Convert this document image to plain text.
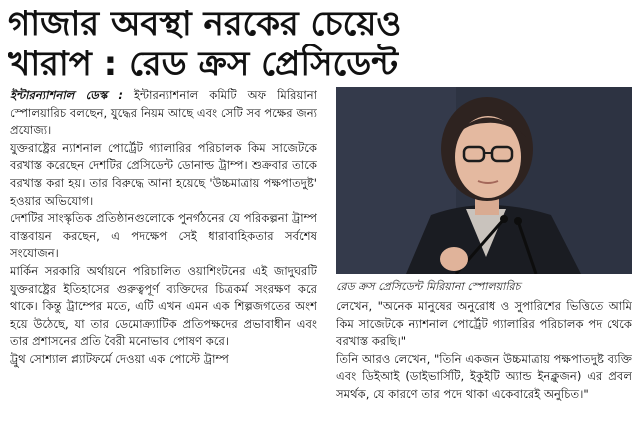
গাজার অবস্থা নরকের চেয়েও
খারাপ : রেড ক্রস প্রেসিডেন্ট

ইন্টারন্যাশনাল ডেস্ক : ইন্টারন্যাশনাল কমিটি অফ মিরিয়ানা স্পোলয়ারিচ বলছেন, যুদ্ধের নিয়ম আছে এবং সেটি সব পক্ষের জন্য প্রযোজ্য।

যুক্তরাষ্ট্রের ন্যাশনাল পোর্ট্রেট গ্যালারির পরিচালক কিম সাজেটকে বরখাস্ত করেছেন দেশটির প্রেসিডেন্ট ডোনাল্ড ট্রাম্প। শুক্রবার তাকে বরখাস্ত করা হয়। তার বিরুদ্ধে আনা হয়েছে 'উচ্চমাত্রায় পক্ষপাতদুষ্ট' হওয়ার অভিযোগ।

দেশটির সাংস্কৃতিক প্রতিষ্ঠানগুলোকে পুনর্গঠনের যে পরিকল্পনা ট্রাম্প বাস্তবায়ন করছেন, এ পদক্ষেপ সেই ধারাবাহিকতার সর্বশেষ সংযোজন।

মার্কিন সরকারি অর্থায়নে পরিচালিত ওয়াশিংটনের এই জাদুঘরটি যুক্তরাষ্ট্রের ইতিহাসের গুরুত্বপূর্ণ ব্যক্তিদের চিত্রকর্ম সংরক্ষণ করে থাকে। কিন্তু ট্রাম্পের মতে, এটি এখন এমন এক শিল্পজগতের অংশ হয়ে উঠেছে, যা তার ডেমোক্র্যাটিক প্রতিপক্ষদের প্রভাবাধীন এবং তার প্রশাসনের প্রতি বৈরী মনোভাব পোষণ করে।

ট্রুথ সোশ্যাল প্ল্যাটফর্মে দেওয়া এক পোস্টে ট্রাম্প

রেড ক্রস প্রেসিডেন্ট মিরিয়ানা স্পোলয়ারিচ

লেখেন, "অনেক মানুষের অনুরোধ ও সুপারিশের ভিত্তিতে আমি কিম সাজেটকে ন্যাশনাল পোর্ট্রেট গ্যালারির পরিচালক পদ থেকে বরখাস্ত করছি।"

তিনি আরও লেখেন, "তিনি একজন উচ্চমাত্রায় পক্ষপাতদুষ্ট ব্যক্তি এবং ডিইআই (ডাইভার্সিটি, ইকুইটি অ্যান্ড ইনক্লুজন) এর প্রবল সমর্থক, যে কারণে তার পদে থাকা একেবারেই অনুচিত।"
